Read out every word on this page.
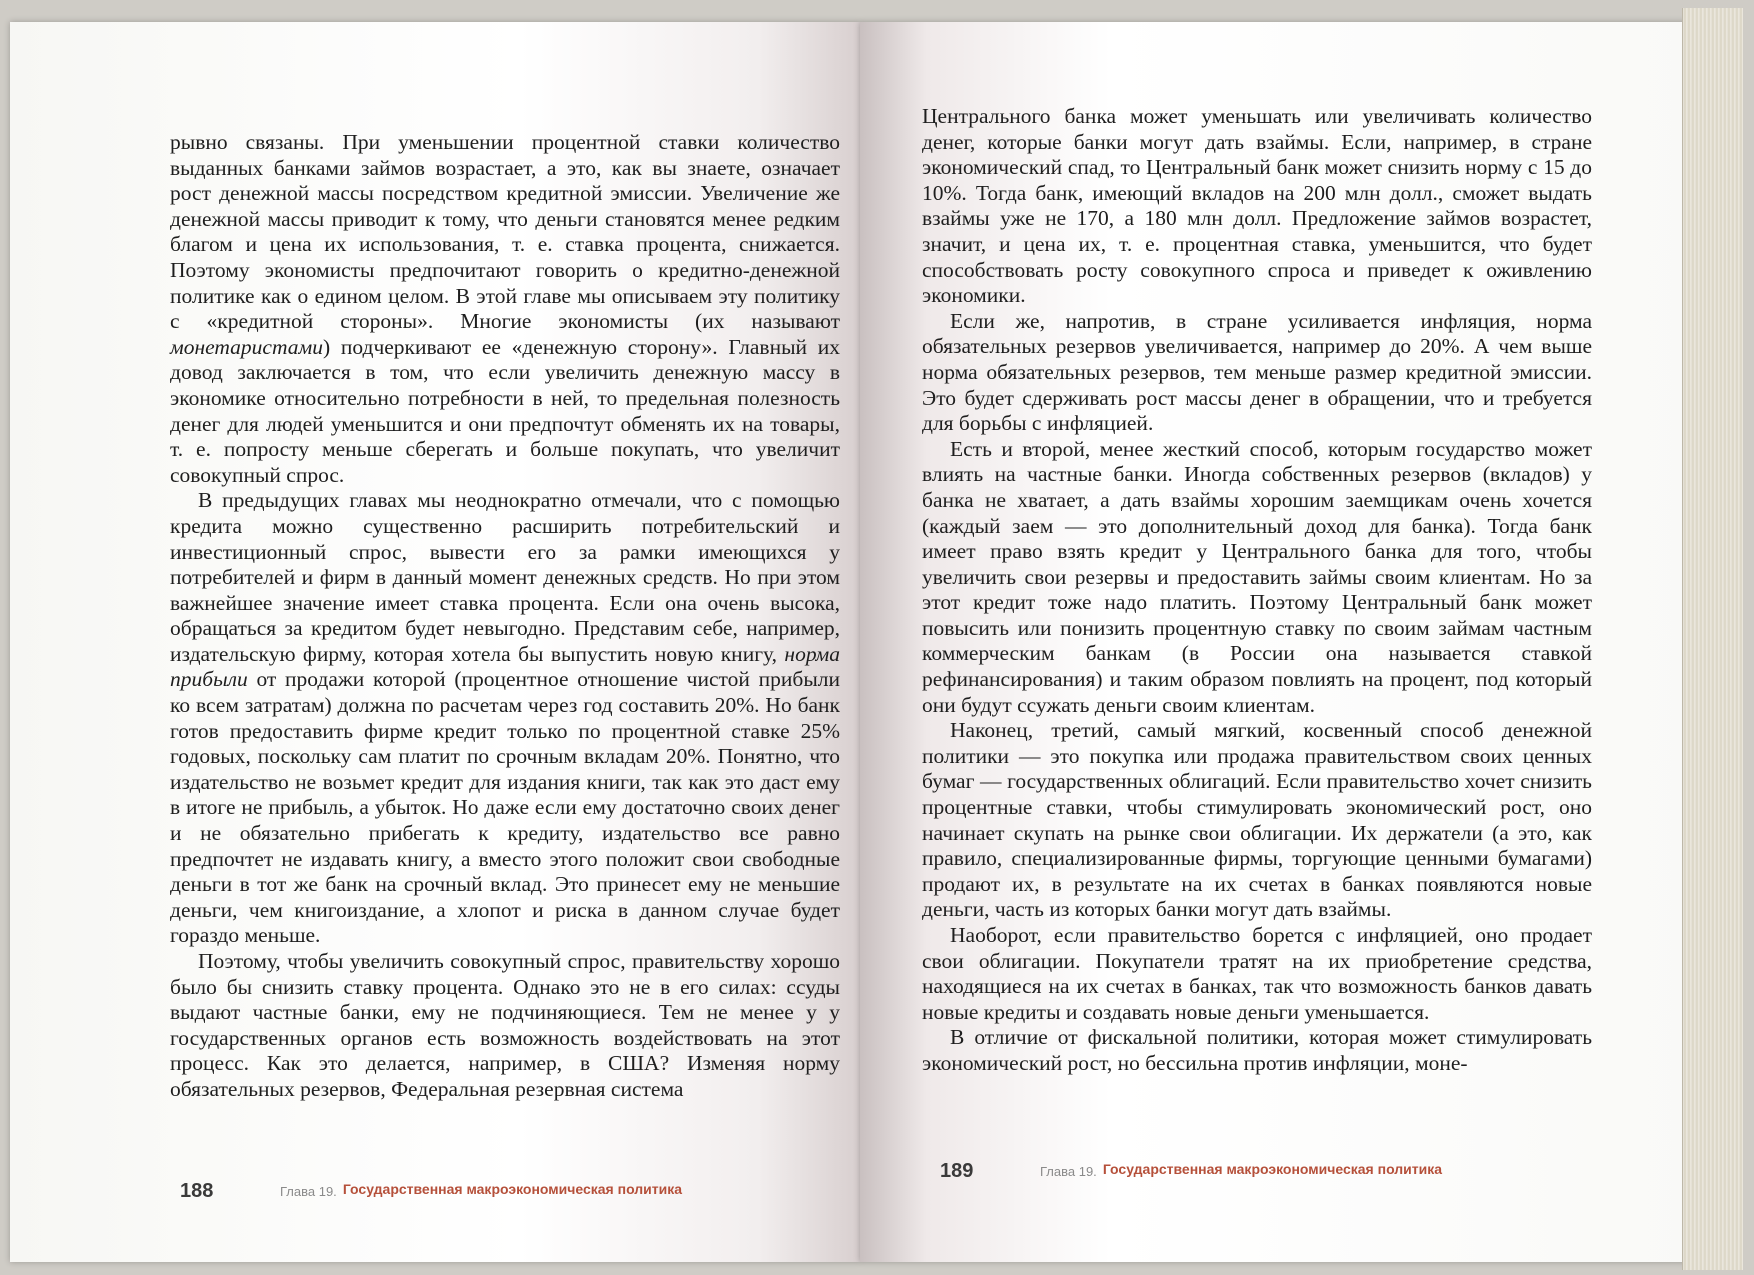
рывно связаны. При уменьшении процентной ставки количество выданных банками займов возрастает, а это, как вы знаете, означает рост денежной массы посредством кредитной эмиссии. Увеличение же денежной массы приводит к тому, что деньги становятся менее редким благом и цена их использования, т. е. ставка процента, снижается. Поэтому экономисты предпочитают говорить о кредитно-денежной политике как о едином целом. В этой главе мы описываем эту политику с «кредитной стороны». Многие экономисты (их называют монетаристами) подчеркивают ее «денежную сторону». Главный их довод заключается в том, что если увеличить денежную массу в экономике относительно потребности в ней, то предельная полезность денег для людей уменьшится и они предпочтут обменять их на товары, т. е. попросту меньше сберегать и больше покупать, что увеличит совокупный спрос.

В предыдущих главах мы неоднократно отмечали, что с помощью кредита можно существенно расширить потребительский и инвестиционный спрос, вывести его за рамки имеющихся у потребителей и фирм в данный момент денежных средств. Но при этом важнейшее значение имеет ставка процента. Если она очень высока, обращаться за кредитом будет невыгодно. Представим себе, например, издательскую фирму, которая хотела бы выпустить новую книгу, норма прибыли от продажи которой (процентное отношение чистой прибыли ко всем затратам) должна по расчетам через год составить 20%. Но банк готов предоставить фирме кредит только по процентной ставке 25% годовых, поскольку сам платит по срочным вкладам 20%. Понятно, что издательство не возьмет кредит для издания книги, так как это даст ему в итоге не прибыль, а убыток. Но даже если ему достаточно своих денег и не обязательно прибегать к кредиту, издательство все равно предпочтет не издавать книгу, а вместо этого положит свои свободные деньги в тот же банк на срочный вклад. Это принесет ему не меньшие деньги, чем книгоиздание, а хлопот и риска в данном случае будет гораздо меньше.

Поэтому, чтобы увеличить совокупный спрос, правительству хорошо было бы снизить ставку процента. Однако это не в его силах: ссуды выдают частные банки, ему не подчиняющиеся. Тем не менее у у государственных органов есть возможность воздействовать на этот процесс. Как это делается, например, в США? Изменяя норму обязательных резервов, Федеральная резервная система

188	Глава 19. Государственная макроэкономическая политика

Центрального банка может уменьшать или увеличивать количество денег, которые банки могут дать взаймы. Если, например, в стране экономический спад, то Центральный банк может снизить норму с 15 до 10%. Тогда банк, имеющий вкладов на 200 млн долл., сможет выдать взаймы уже не 170, а 180 млн долл. Предложение займов возрастет, значит, и цена их, т. е. процентная ставка, уменьшится, что будет способствовать росту совокупного спроса и приведет к оживлению экономики.

Если же, напротив, в стране усиливается инфляция, норма обязательных резервов увеличивается, например до 20%. А чем выше норма обязательных резервов, тем меньше размер кредитной эмиссии. Это будет сдерживать рост массы денег в обращении, что и требуется для борьбы с инфляцией.

Есть и второй, менее жесткий способ, которым государство может влиять на частные банки. Иногда собственных резервов (вкладов) у банка не хватает, а дать взаймы хорошим заемщикам очень хочется (каждый заем — это дополнительный доход для банка). Тогда банк имеет право взять кредит у Центрального банка для того, чтобы увеличить свои резервы и предоставить займы своим клиентам. Но за этот кредит тоже надо платить. Поэтому Центральный банк может повысить или понизить процентную ставку по своим займам частным коммерческим банкам (в России она называется ставкой рефинансирования) и таким образом повлиять на процент, под который они будут ссужать деньги своим клиентам.

Наконец, третий, самый мягкий, косвенный способ денежной политики — это покупка или продажа правительством своих ценных бумаг — государственных облигаций. Если правительство хочет снизить процентные ставки, чтобы стимулировать экономический рост, оно начинает скупать на рынке свои облигации. Их держатели (а это, как правило, специализированные фирмы, торгующие ценными бумагами) продают их, в результате на их счетах в банках появляются новые деньги, часть из которых банки могут дать взаймы.

Наоборот, если правительство борется с инфляцией, оно продает свои облигации. Покупатели тратят на их приобретение средства, находящиеся на их счетах в банках, так что возможность банков давать новые кредиты и создавать новые деньги уменьшается.

В отличие от фискальной политики, которая может стимулировать экономический рост, но бессильна против инфляции, моне-

189	Глава 19. Государственная макроэкономическая политика
